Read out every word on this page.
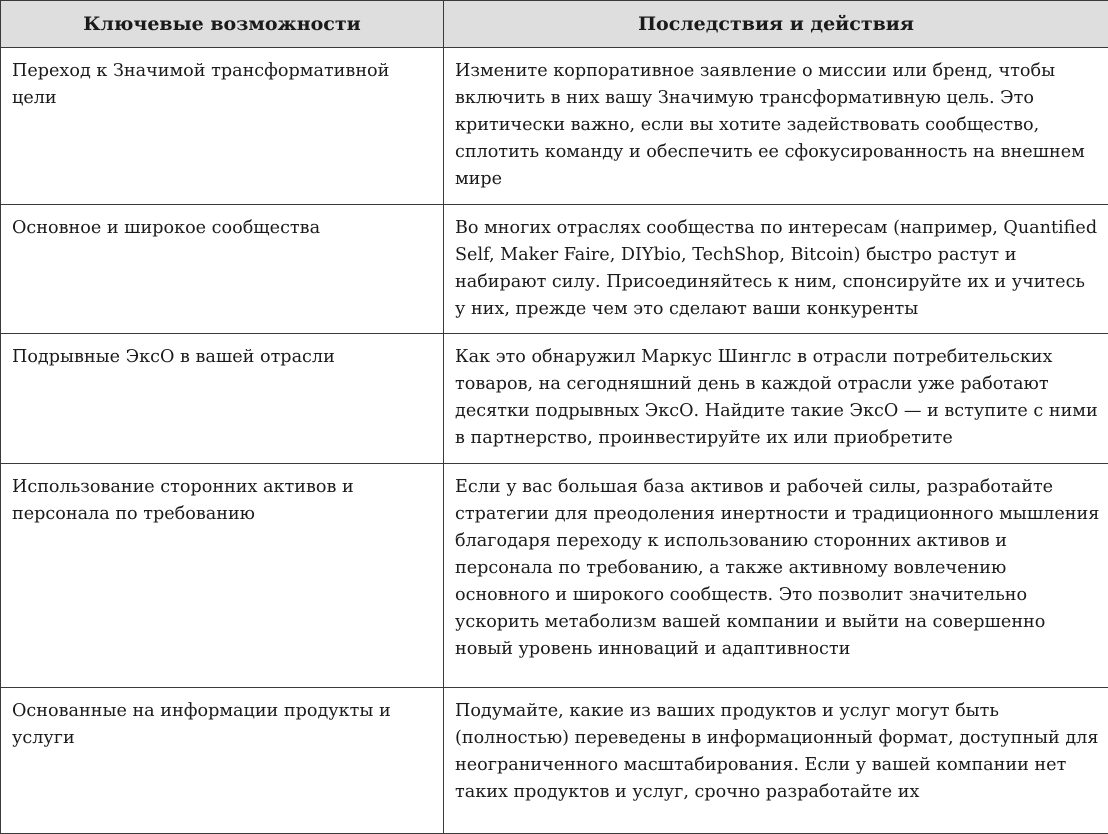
Ключевые возможности	Последствия и действия
Переход к Значимой трансформативной цели	Измените корпоративное заявление о миссии или бренд, чтобы включить в них вашу Значимую трансформативную цель. Это критически важно, если вы хотите задействовать сообщество, сплотить команду и обеспечить ее сфокусированность на внешнем мире
Основное и широкое сообщества	Во многих отраслях сообщества по интересам (например, Quantified Self, Maker Faire, DIYbio, TechShop, Bitcoin) быстро растут и набирают силу. Присоединяйтесь к ним, спонсируйте их и учитесь у них, прежде чем это сделают ваши конкуренты
Подрывные ЭксО в вашей отрасли	Как это обнаружил Маркус Шинглс в отрасли потребительских товаров, на сегодняшний день в каждой отрасли уже работают десятки подрывных ЭксО. Найдите такие ЭксО — и вступите с ними в партнерство, проинвестируйте их или приобретите
Использование сторонних активов и персонала по требованию	Если у вас большая база активов и рабочей силы, разработайте стратегии для преодоления инертности и традиционного мышления благодаря переходу к использованию сторонних активов и персонала по требованию, а также активному вовлечению основного и широкого сообществ. Это позволит значительно ускорить метаболизм вашей компании и выйти на совершенно новый уровень инноваций и адаптивности
Основанные на информации продукты и услуги	Подумайте, какие из ваших продуктов и услуг могут быть (полностью) переведены в информационный формат, доступный для неограниченного масштабирования. Если у вашей компании нет таких продуктов и услуг, срочно разработайте их
